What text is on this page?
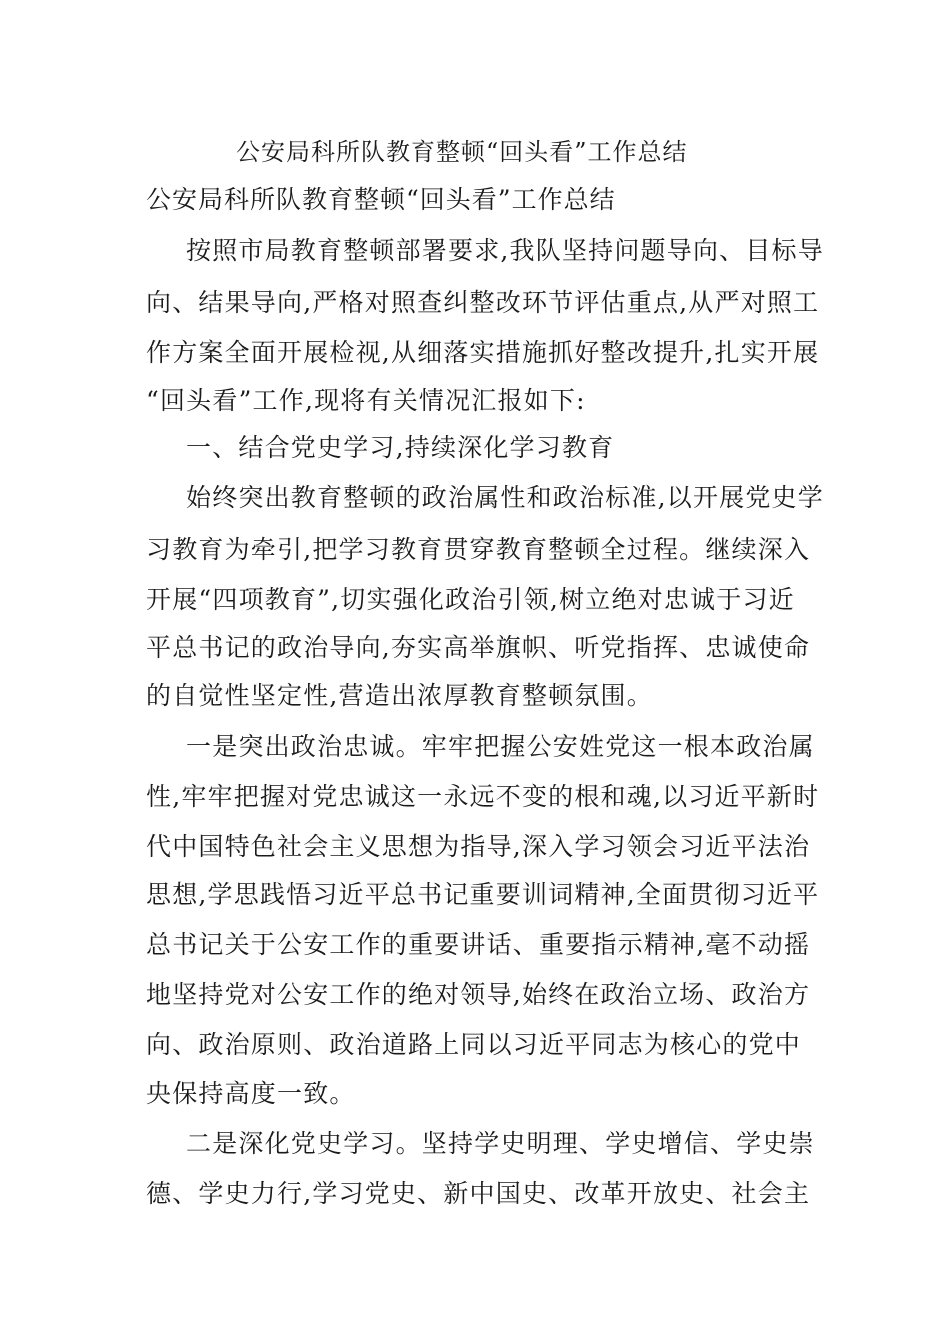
公安局科所队教育整顿“回头看”工作总结
公安局科所队教育整顿“回头看”工作总结
按照市局教育整顿部署要求,我队坚持问题导向、目标导
向、结果导向,严格对照查纠整改环节评估重点,从严对照工
作方案全面开展检视,从细落实措施抓好整改提升,扎实开展
“回头看”工作,现将有关情况汇报如下:
一、结合党史学习,持续深化学习教育
始终突出教育整顿的政治属性和政治标准,以开展党史学
习教育为牵引,把学习教育贯穿教育整顿全过程。继续深入
开展“四项教育”,切实强化政治引领,树立绝对忠诚于习近
平总书记的政治导向,夯实高举旗帜、听党指挥、忠诚使命
的自觉性坚定性,营造出浓厚教育整顿氛围。
一是突出政治忠诚。牢牢把握公安姓党这一根本政治属
性,牢牢把握对党忠诚这一永远不变的根和魂,以习近平新时
代中国特色社会主义思想为指导,深入学习领会习近平法治
思想,学思践悟习近平总书记重要训词精神,全面贯彻习近平
总书记关于公安工作的重要讲话、重要指示精神,毫不动摇
地坚持党对公安工作的绝对领导,始终在政治立场、政治方
向、政治原则、政治道路上同以习近平同志为核心的党中
央保持高度一致。
二是深化党史学习。坚持学史明理、学史增信、学史崇
德、学史力行,学习党史、新中国史、改革开放史、社会主
